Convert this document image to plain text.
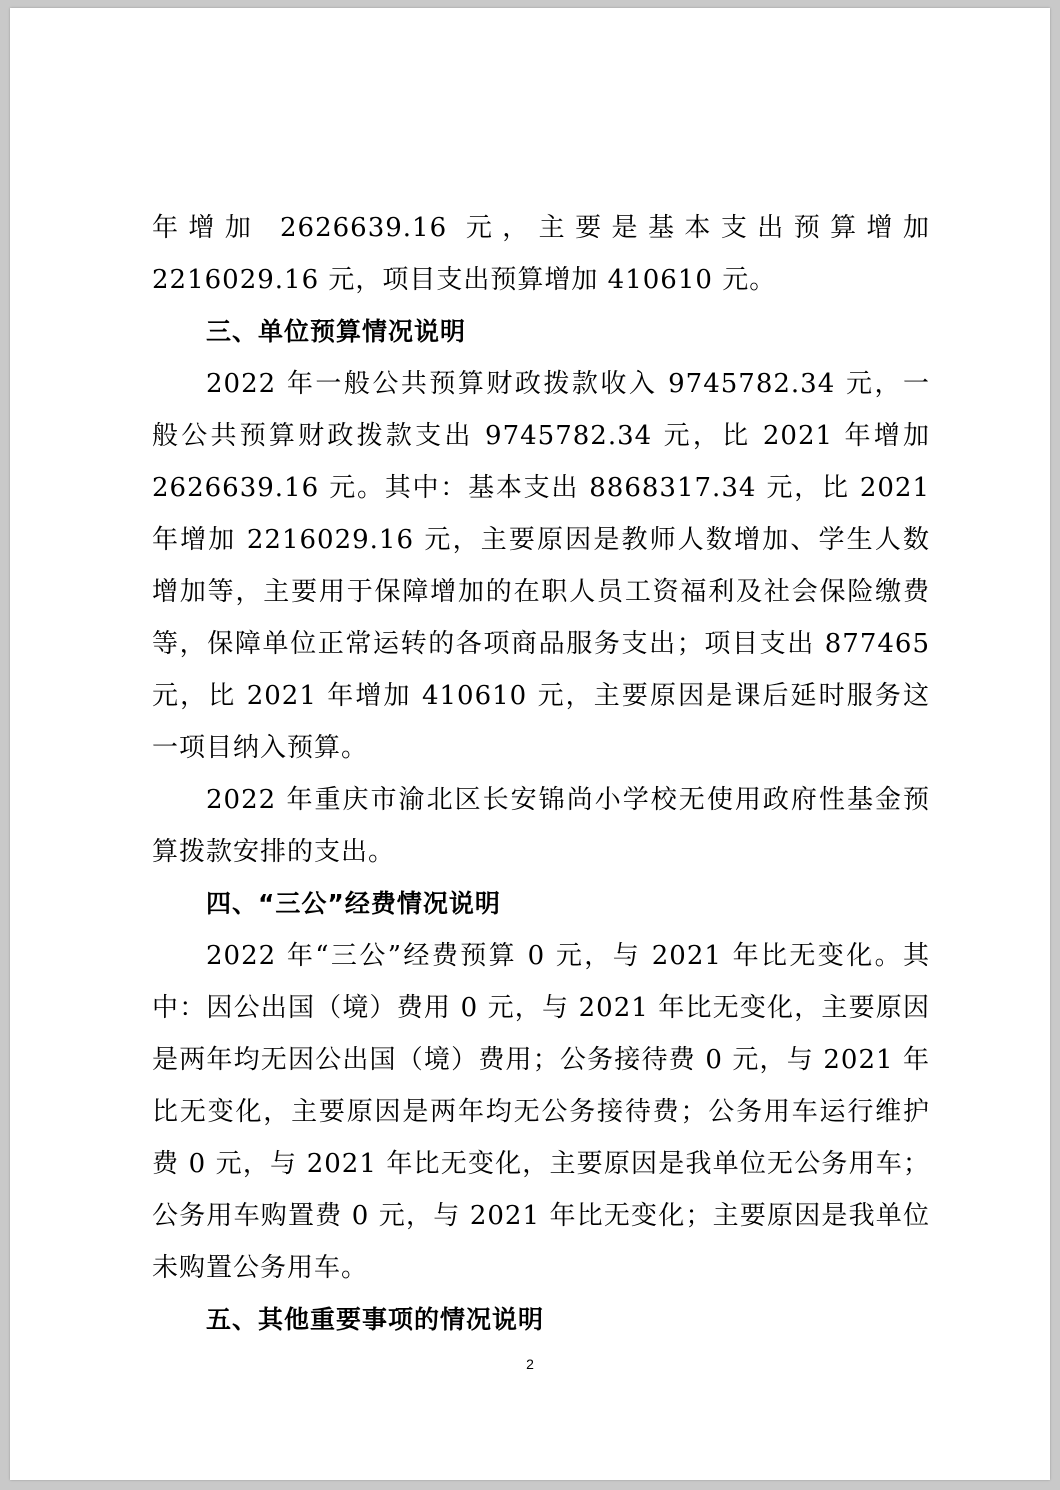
年增加 2626639.16 元，主要是基本支出预算增加 2216029.16 元，项目支出预算增加 410610 元。

三、单位预算情况说明

2022 年一般公共预算财政拨款收入 9745782.34 元，一般公共预算财政拨款支出 9745782.34 元，比 2021 年增加 2626639.16 元。其中：基本支出 8868317.34 元，比 2021 年增加 2216029.16 元，主要原因是教师人数增加、学生人数增加等，主要用于保障增加的在职人员工资福利及社会保险缴费等，保障单位正常运转的各项商品服务支出；项目支出 877465 元，比 2021 年增加 410610 元，主要原因是课后延时服务这一项目纳入预算。

2022 年重庆市渝北区长安锦尚小学校无使用政府性基金预算拨款安排的支出。

四、“三公”经费情况说明

2022 年“三公”经费预算 0 元，与 2021 年比无变化。其中：因公出国（境）费用 0 元，与 2021 年比无变化，主要原因是两年均无因公出国（境）费用；公务接待费 0 元，与 2021 年比无变化，主要原因是两年均无公务接待费；公务用车运行维护费 0 元，与 2021 年比无变化，主要原因是我单位无公务用车；公务用车购置费 0 元，与 2021 年比无变化；主要原因是我单位未购置公务用车。

五、其他重要事项的情况说明

2
